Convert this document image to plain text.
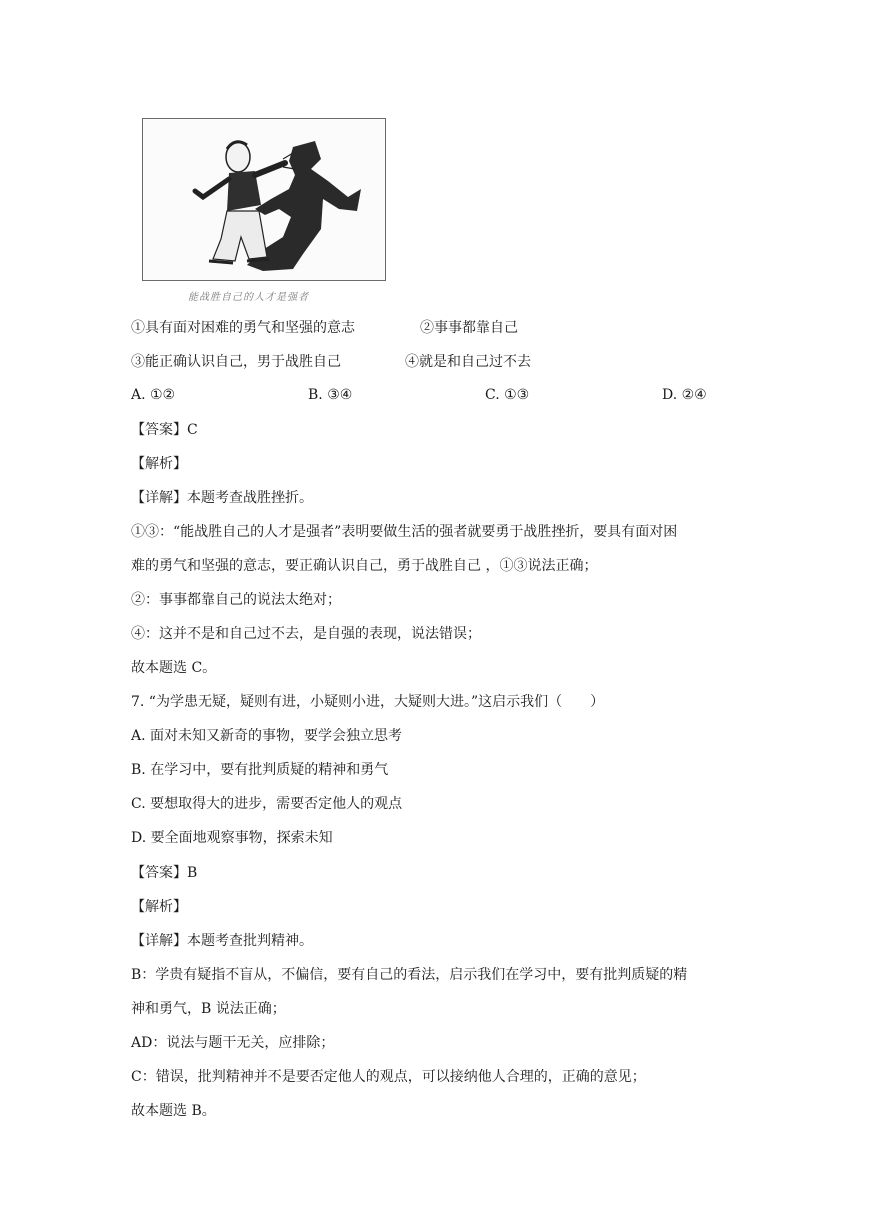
能战胜自己的人才是强者
①具有面对困难的勇气和坚强的意志	②事事都靠自己
③能正确认识自己，男于战胜自己	④就是和自己过不去
A. ①②	B. ③④	C. ①③	D. ②④
【答案】C
【解析】
【详解】本题考查战胜挫折。
①③：“能战胜自己的人才是强者”表明要做生活的强者就要勇于战胜挫折，要具有面对困
难的勇气和坚强的意志，要正确认识自己，勇于战胜自己 ，①③说法正确；
②：事事都靠自己的说法太绝对；
④：这并不是和自己过不去，是自强的表现，说法错误；
故本题选 C。
7. “为学患无疑，疑则有进，小疑则小进，大疑则大进。”这启示我们（　　）
A. 面对未知又新奇的事物，要学会独立思考
B. 在学习中，要有批判质疑的精神和勇气
C. 要想取得大的进步，需要否定他人的观点
D. 要全面地观察事物，探索未知
【答案】B
【解析】
【详解】本题考查批判精神。
B：学贵有疑指不盲从，不偏信，要有自己的看法，启示我们在学习中，要有批判质疑的精
神和勇气，B 说法正确；
AD：说法与题干无关，应排除；
C：错误，批判精神并不是要否定他人的观点，可以接纳他人合理的，正确的意见；
故本题选 B。
